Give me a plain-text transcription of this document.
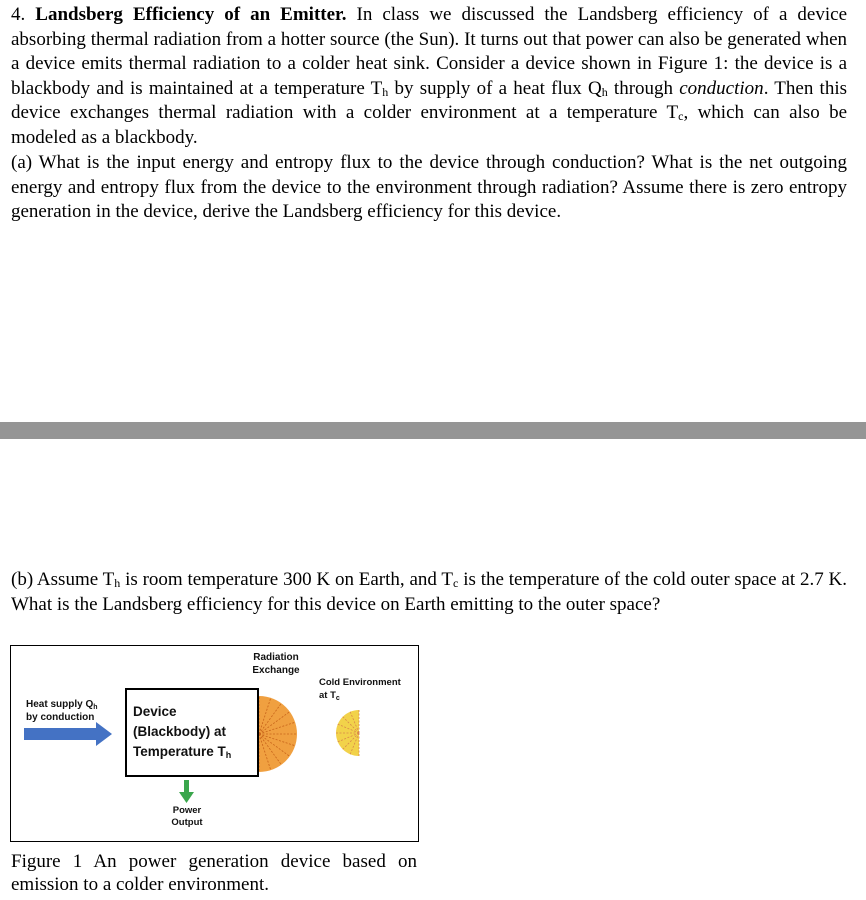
4. Landsberg Efficiency of an Emitter. In class we discussed the Landsberg efficiency of a device absorbing thermal radiation from a hotter source (the Sun). It turns out that power can also be generated when a device emits thermal radiation to a colder heat sink. Consider a device shown in Figure 1: the device is a blackbody and is maintained at a temperature $T_h$ by supply of a heat flux $Q_h$ through conduction. Then this device exchanges thermal radiation with a colder environment at a temperature $T_c$, which can also be modeled as a blackbody.
(a) What is the input energy and entropy flux to the device through conduction? What is the net outgoing energy and entropy flux from the device to the environment through radiation? Assume there is zero entropy generation in the device, derive the Landsberg efficiency for this device.
(b) Assume $T_h$ is room temperature 300 K on Earth, and $T_c$ is the temperature of the cold outer space at 2.7 K. What is the Landsberg efficiency for this device on Earth emitting to the outer space?
Heat supply $Q_h$
by conduction	Device
(Blackbody) at
Temperature $T_h$
Radiation
Exchange
Cold Environment
at $T_c$
Power
Output
Figure 1 An power generation device based on emission to a colder environment.
